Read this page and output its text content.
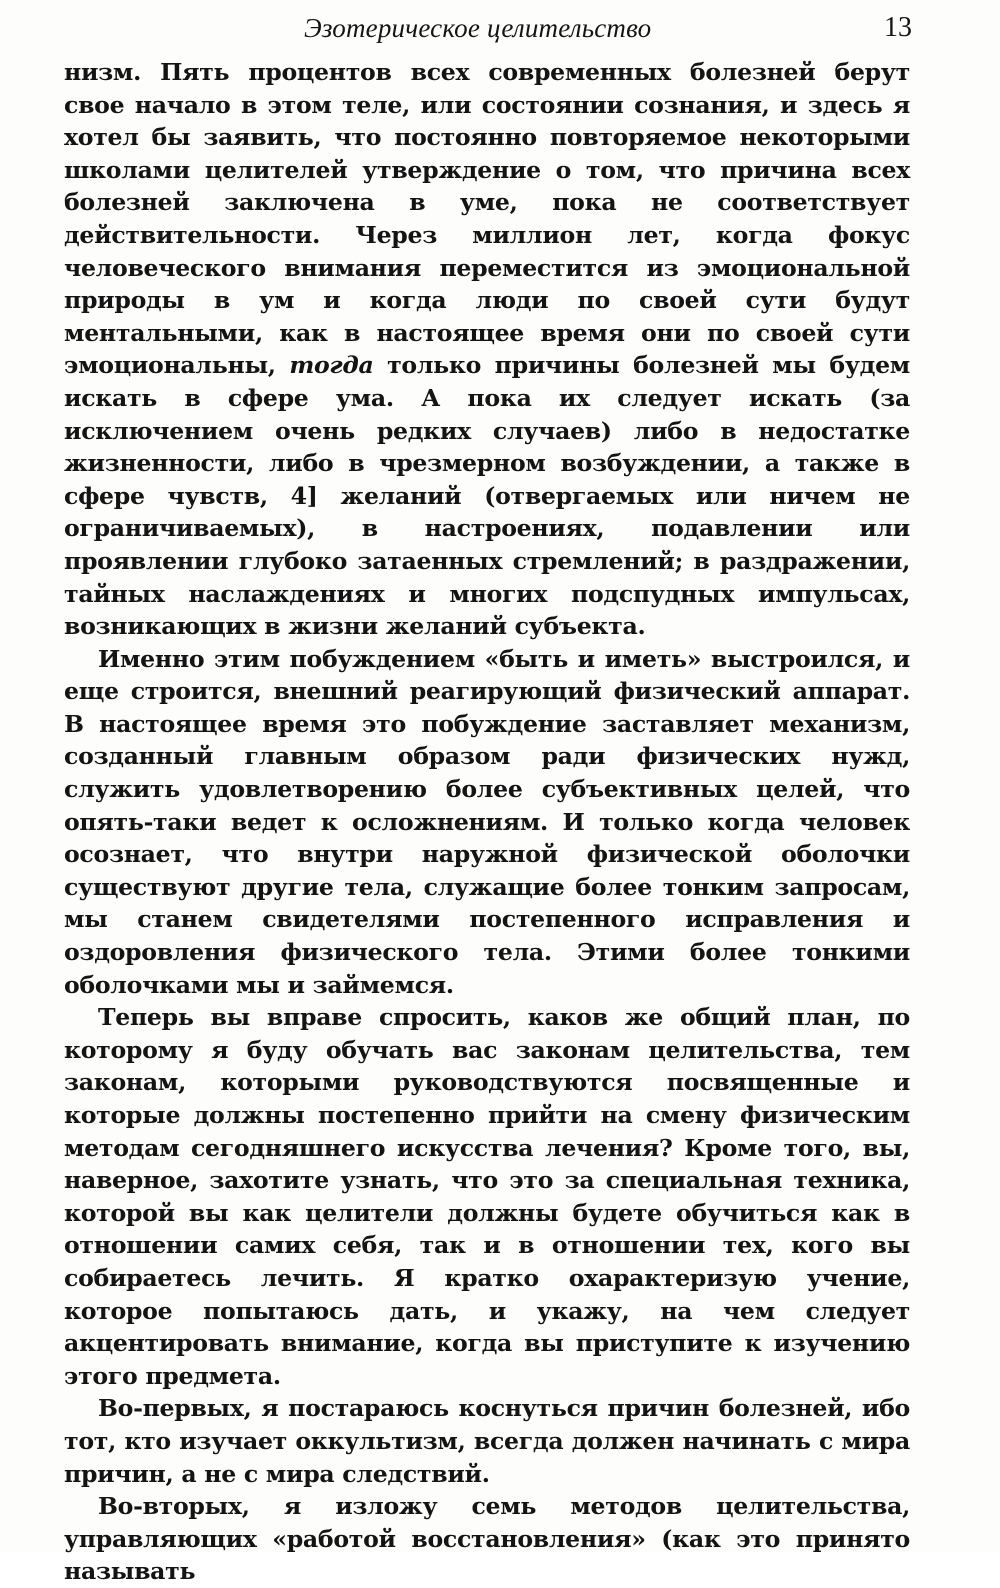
Эзотерическое целительство	13

низм. Пять процентов всех современных болезней берут свое начало в этом теле, или состоянии сознания, и здесь я хотел бы заявить, что постоянно повторяемое некоторыми школами целителей утверждение о том, что причина всех болезней заключена в уме, пока не соответствует действительности. Через миллион лет, когда фокус человеческого внимания переместится из эмоциональной природы в ум и когда люди по своей сути будут ментальными, как в настоящее время они по своей сути эмоциональны, тогда только причины болезней мы будем искать в сфере ума. А пока их следует искать (за исключением очень редких случаев) либо в недостатке жизненности, либо в чрезмерном возбуждении, а также в сфере чувств, 4] желаний (отвергаемых или ничем не ограничиваемых), в настроениях, подавлении или проявлении глубоко затаенных стремлений; в раздражении, тайных наслаждениях и многих подспудных импульсах, возникающих в жизни желаний субъекта.

Именно этим побуждением «быть и иметь» выстроился, и еще строится, внешний реагирующий физический аппарат. В настоящее время это побуждение заставляет механизм, созданный главным образом ради физических нужд, служить удовлетворению более субъективных целей, что опять-таки ведет к осложнениям. И только когда человек осознает, что внутри наружной физической оболочки существуют другие тела, служащие более тонким запросам, мы станем свидетелями постепенного исправления и оздоровления физического тела. Этими более тонкими оболочками мы и займемся.

Теперь вы вправе спросить, каков же общий план, по которому я буду обучать вас законам целительства, тем законам, которыми руководствуются посвященные и которые должны постепенно прийти на смену физическим методам сегодняшнего искусства лечения? Кроме того, вы, наверное, захотите узнать, что это за специальная техника, которой вы как целители должны будете обучиться как в отношении самих себя, так и в отношении тех, кого вы собираетесь лечить. Я кратко охарактеризую учение, которое попытаюсь дать, и укажу, на чем следует акцентировать внимание, когда вы приступите к изучению этого предмета.

Во-первых, я постараюсь коснуться причин болезней, ибо тот, кто изучает оккультизм, всегда должен начинать с мира причин, а не с мира следствий.

Во-вторых, я изложу семь методов целительства, управляющих «работой восстановления» (как это принято называть
